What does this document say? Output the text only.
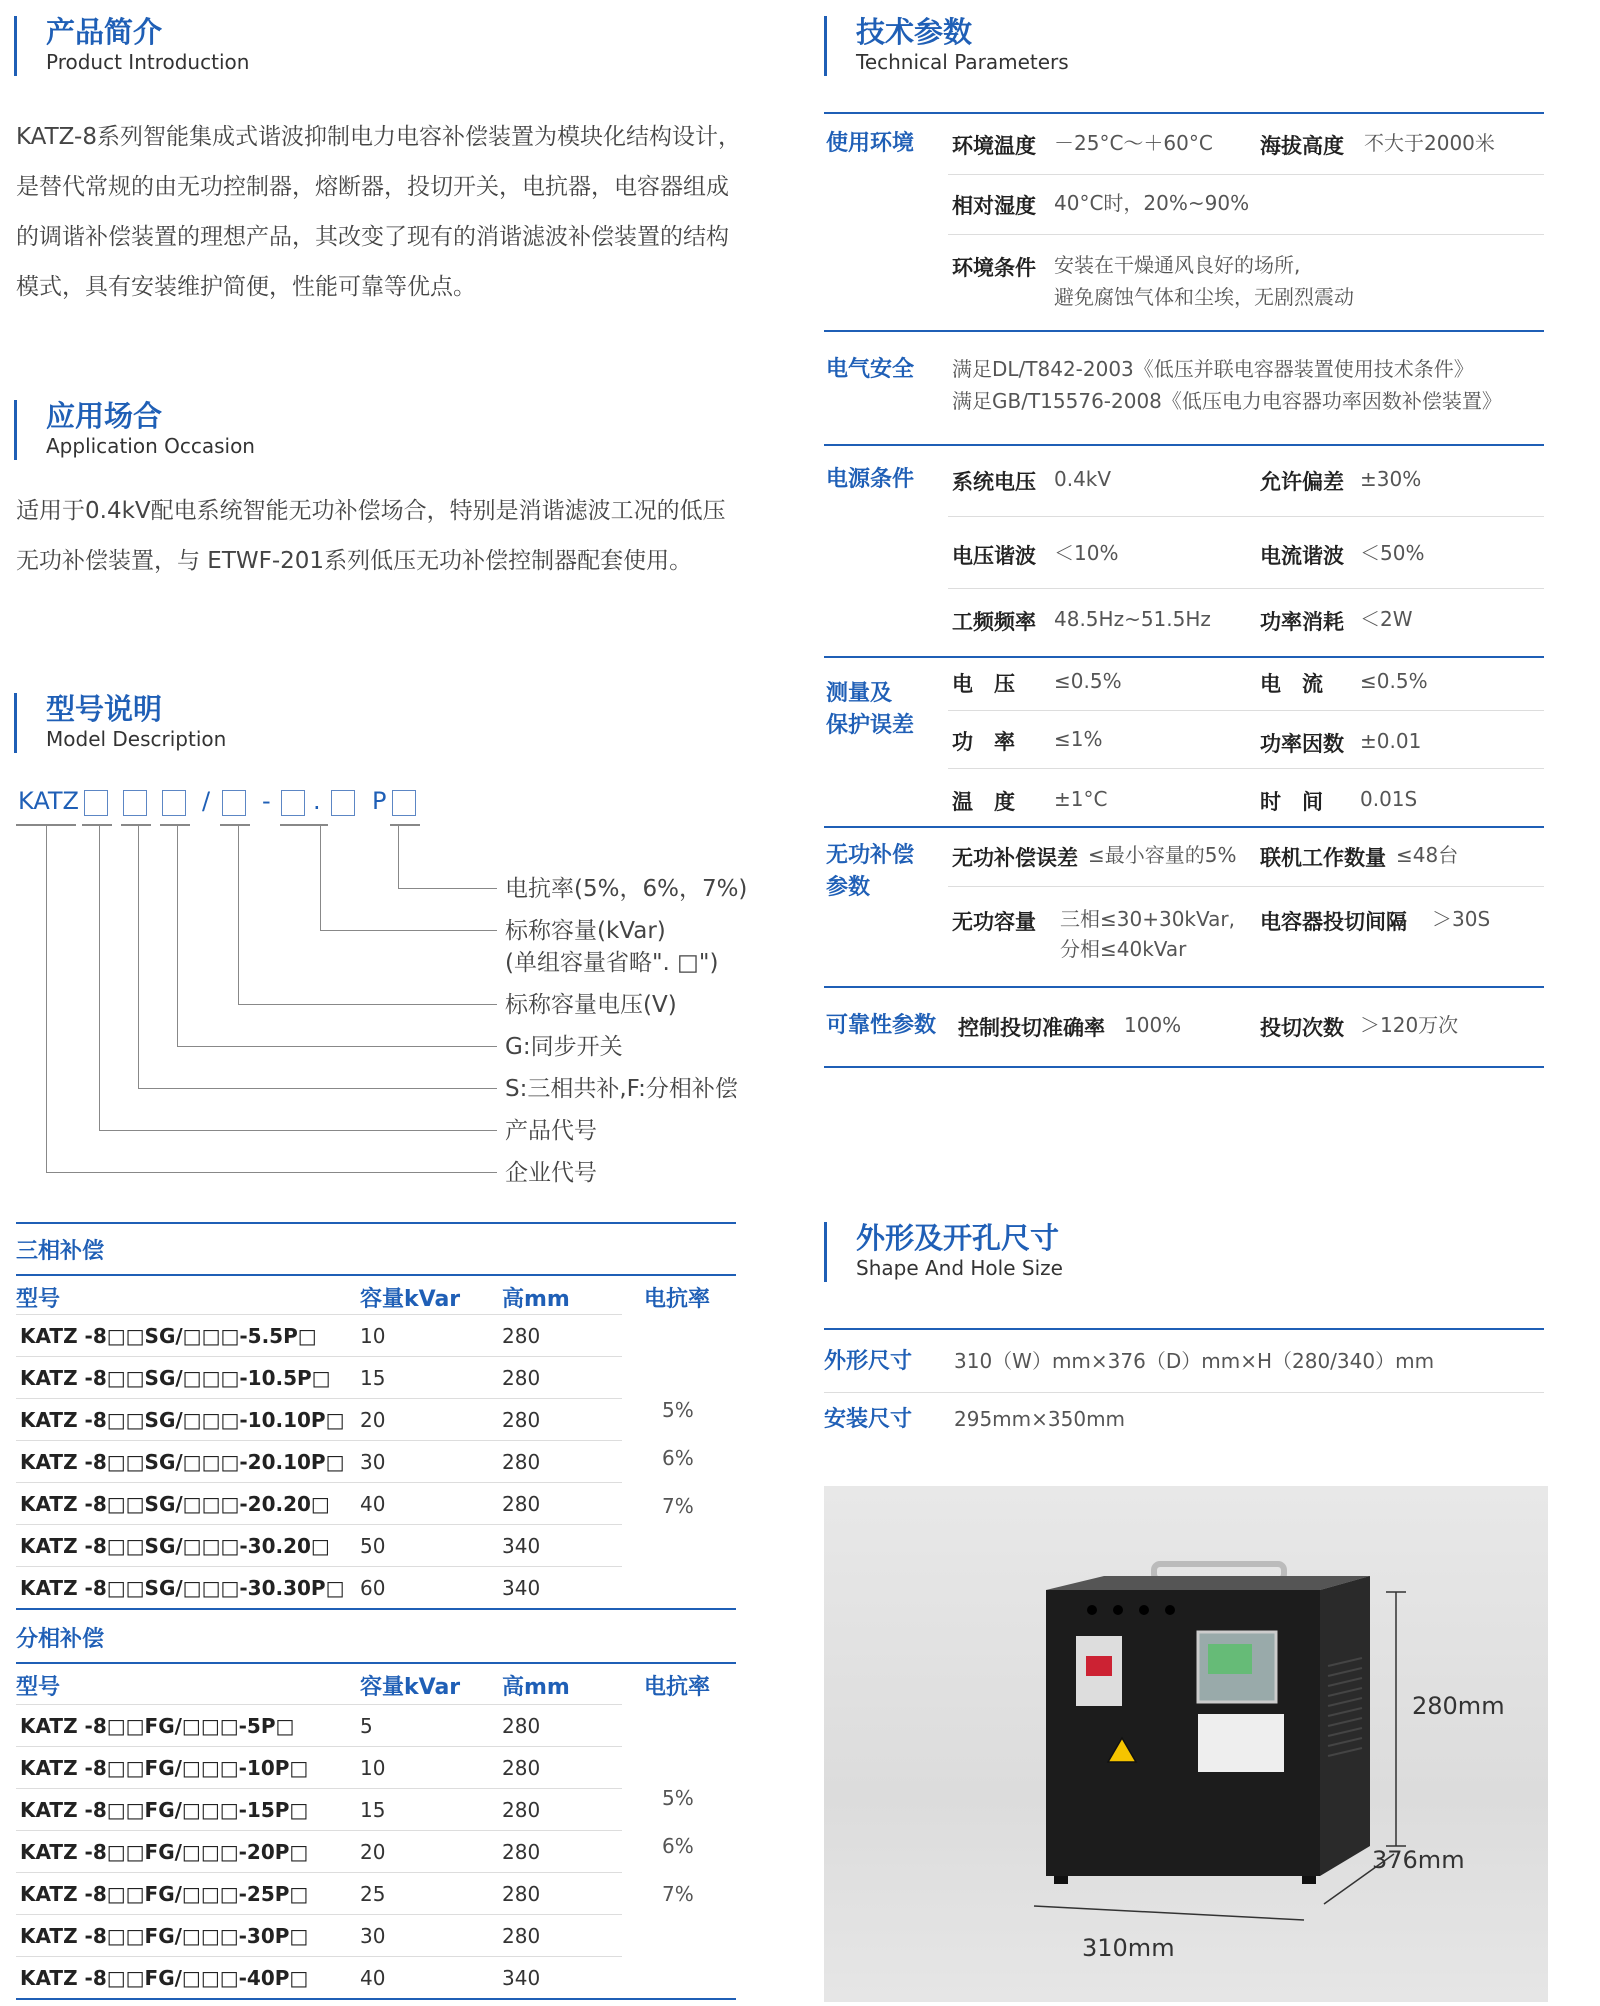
产品简介
Product Introduction
KATZ-8系列智能集成式谐波抑制电力电容补偿装置为模块化结构设计，是替代常规的由无功控制器，熔断器，投切开关，电抗器，电容器组成的调谐补偿装置的理想产品，其改变了现有的消谐滤波补偿装置的结构模式，具有安装维护简便，性能可靠等优点。
应用场合
Application Occasion
适用于0.4kV配电系统智能无功补偿场合，特别是消谐滤波工况的低压无功补偿装置，与 ETWF-201系列低压无功补偿控制器配套使用。
型号说明
Model Description
KATZ	/ - . P
电抗率(5%，6%，7%)
标称容量(kVar)
(单组容量省略". □")
标称容量电压(V)
G:同步开关
S:三相共补,F:分相补偿
产品代号
企业代号
三相补偿
型号	容量kVar 高mm	电抗率
KATZ -8□□SG/□□□-5.5P□ 10	280
KATZ -8□□SG/□□□-10.5P□ 15	280
KATZ -8□□SG/□□□-10.10P□ 20	280
KATZ -8□□SG/□□□-20.10P□ 30	280
KATZ -8□□SG/□□□-20.20□ 40	280
KATZ -8□□SG/□□□-30.20□ 50	340
KATZ -8□□SG/□□□-30.30P□ 60	340
5%
6%
7%
分相补偿
型号	容量kVar 高mm	电抗率
KATZ -8□□FG/□□□-5P□	5	280
KATZ -8□□FG/□□□-10P□	10	280
KATZ -8□□FG/□□□-15P□	15	280
KATZ -8□□FG/□□□-20P□	20	280
KATZ -8□□FG/□□□-25P□	25	280
KATZ -8□□FG/□□□-30P□	30	280
KATZ -8□□FG/□□□-40P□	40	340
5%
6%
7%
技术参数
Technical Parameters
使用环境 环境温度 －25°C～＋60°C 海拔高度 不大于2000米
相对湿度 40°C时，20%~90%
环境条件 安装在干燥通风良好的场所,
避免腐蚀气体和尘埃，无剧烈震动
电气安全 满足DL/T842-2003《低压并联电容器装置使用技术条件》
满足GB/T15576-2008《低压电力电容器功率因数补偿装置》
电源条件 系统电压 0.4kV	允许偏差 ±30%
电压谐波 ＜10%	电流谐波 ＜50%
工频频率 48.5Hz~51.5Hz 功率消耗 ＜2W
测量及
保护误差
电　压 ≤0.5%	电　流 ≤0.5%
功　率 ≤1%	功率因数 ±0.01
温　度 ±1°C	时　间 0.01S
无功补偿
参数
无功补偿误差 ≤最小容量的5% 联机工作数量 ≤48台
无功容量 三相≤30+30kVar,
分相≤40kVar
电容器投切间隔 ＞30S
可靠性参数 控制投切准确率 100%	投切次数 ＞120万次
外形及开孔尺寸
Shape And Hole Size
外形尺寸 310（W）mm×376（D）mm×H（280/340）mm
安装尺寸 295mm×350mm
280mm
376mm
310mm
